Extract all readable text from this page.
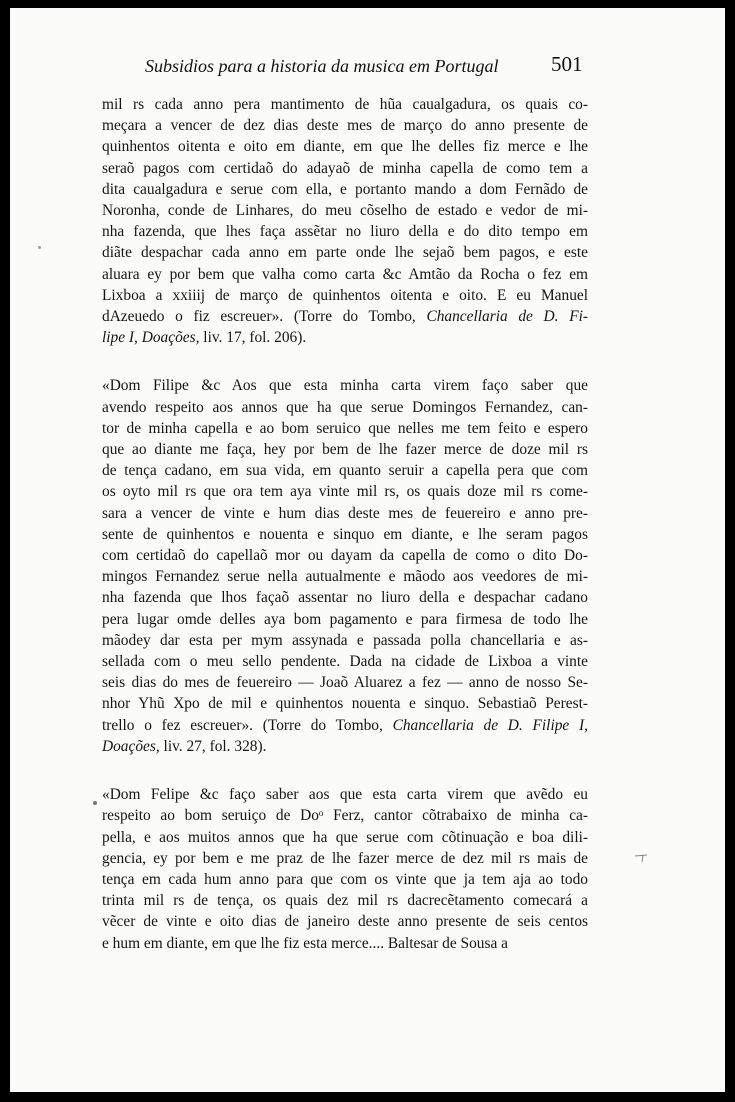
Subsidios para a historia da musica em Portugal 501
mil rs cada anno pera mantimento de hũa caualgadura, os quais co-
meçara a vencer de dez dias deste mes de março do anno presente de
quinhentos oitenta e oito em diante, em que lhe delles fiz merce e lhe
seraõ pagos com certidaõ do adayaõ de minha capella de como tem a
dita caualgadura e serue com ella, e portanto mando a dom Fernãdo de
Noronha, conde de Linhares, do meu cõselho de estado e vedor de mi-
nha fazenda, que lhes faça assẽtar no liuro della e do dito tempo em
diãte despachar cada anno em parte onde lhe sejaõ bem pagos, e este
aluara ey por bem que valha como carta &c Amtão da Rocha o fez em
Lixboa a xxiiij de março de quinhentos oitenta e oito. E eu Manuel
dAzeuedo o fiz escreuer». (Torre do Tombo, Chancellaria de D. Fi-
lipe I, Doações, liv. 17, fol. 206).
«Dom Filipe &c Aos que esta minha carta virem faço saber que
avendo respeito aos annos que ha que serue Domingos Fernandez, can-
tor de minha capella e ao bom seruico que nelles me tem feito e espero
que ao diante me faça, hey por bem de lhe fazer merce de doze mil rs
de tença cadano, em sua vida, em quanto seruir a capella pera que com
os oyto mil rs que ora tem aya vinte mil rs, os quais doze mil rs come-
sara a vencer de vinte e hum dias deste mes de feuereiro e anno pre-
sente de quinhentos e nouenta e sinquo em diante, e lhe seram pagos
com certidaõ do capellaõ mor ou dayam da capella de como o dito Do-
mingos Fernandez serue nella autualmente e mãodo aos veedores de mi-
nha fazenda que lhos façaõ assentar no liuro della e despachar cadano
pera lugar omde delles aya bom pagamento e para firmesa de todo lhe
mãodey dar esta per mym assynada e passada polla chancellaria e as-
sellada com o meu sello pendente. Dada na cidade de Lixboa a vinte
seis dias do mes de feuereiro — Joaõ Aluarez a fez — anno de nosso Se-
nhor Yhũ Xpo de mil e quinhentos nouenta e sinquo. Sebastiaõ Perest-
trello o fez escreuer». (Torre do Tombo, Chancellaria de D. Filipe I,
Doações, liv. 27, fol. 328).
«Dom Felipe &c faço saber aos que esta carta virem que avẽdo eu
respeito ao bom seruiço de Doᵒ Ferz, cantor cõtrabaixo de minha ca-
pella, e aos muitos annos que ha que serue com cõtinuação e boa dili-
gencia, ey por bem e me praz de lhe fazer merce de dez mil rs mais de
tença em cada hum anno para que com os vinte que ja tem aja ao todo
trinta mil rs de tença, os quais dez mil rs dacrecẽtamento comecará a
vẽcer de vinte e oito dias de janeiro deste anno presente de seis centos
e hum em diante, em que lhe fiz esta merce.... Baltesar de Sousa a
